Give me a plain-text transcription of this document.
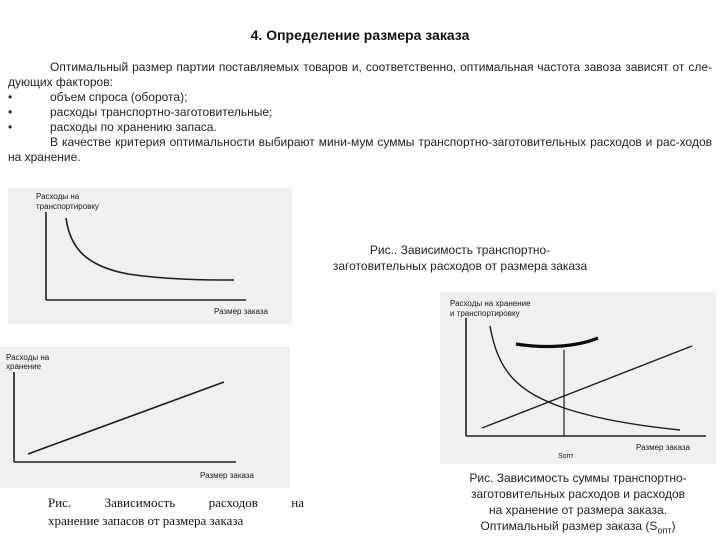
4. Определение размера заказа

Оптимальный размер партии поставляемых товаров и, соответственно, оптимальная частота завоза зависят от сле-дующих факторов:

•	объем спроса (оборота);

•	расходы транспортно-заготовительные;

•	расходы по хранению запаса.

В качестве критерия оптимальности выбирают мини-мум суммы транспортно-заготовительных расходов и рас-ходов на хранение.

Расходы на
транспортировку
Размер заказа
Рис.. Зависимость транспортно-
заготовительных расходов от размера заказа
Расходы на
хранение
Размер заказа
Рис.	Зависимость	расходов	на
хранение запасов от размера заказа
Расходы на хранение
и транспортировку
Sопт
Размер заказа
Рис. Зависимость суммы транспортно-
заготовительных расходов и расходов
на хранение от размера заказа.
Оптимальный размер заказа $(S_{опт})$
